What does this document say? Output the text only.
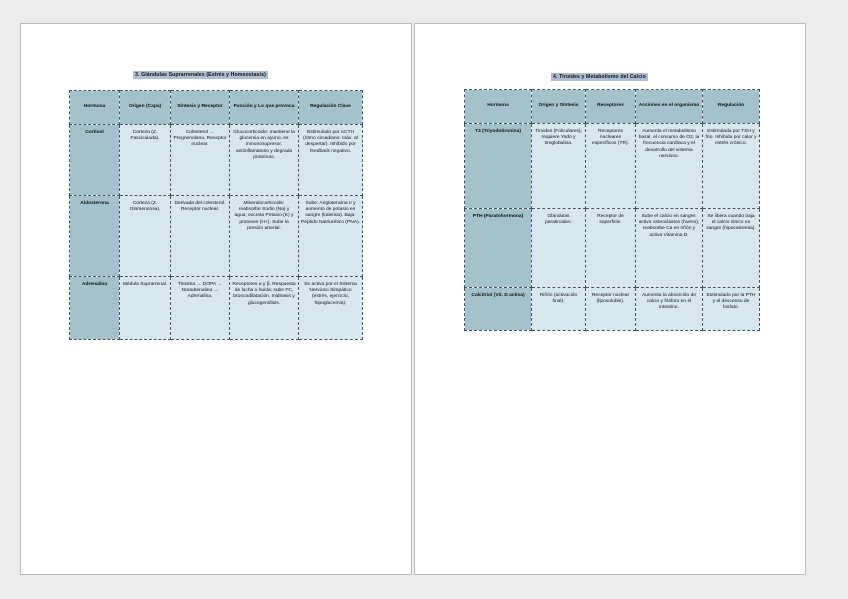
3. Glándulas Suprarrenales (Estrés y Homeostasis)
Hormona	Origen (Capa)	Síntesis y Receptor	Función y Lo que provoca	Regulación Clave
Cortisol	Corteza (Z. Fasciculada).	Colesterol → Pregnenolona. Receptor nuclear.	Glucocorticoide: mantiene la glucemia en ayuno, es inmunosupresor, antiinflamatorio y degrada proteínas.	Estimulado por ACTH (ritmo circadiano: máx. al despertar). Inhibido por feedback negativo.
Aldosterona	Corteza (Z. Glomerulosa).	Derivada del colesterol. Receptor nuclear.	Mineralocorticoide: reabsorbe Sodio (Na) y agua; excreta Potasio (K) y protones (H+). Sube la presión arterial.	Sube: Angiotensina II y aumento de potasio en sangre (kalemia). Baja: Péptido Natriurético (PNA).
Adrenalina	Médula Suprarrenal.	Tirosina → DOPA → Noradrenalina → Adrenalina.	Receptores α y β. Respuesta de lucha o huida: sube FC, broncodilatación, midriasis y glucogenólisis.	Se activa por el Sistema Nervioso Simpático (estrés, ejercicio, hipoglucemia).
4. Tiroides y Metabolismo del Calcio
Hormona	Origen y Síntesis	Receptores	Acciones en el organismo	Regulación
T3 (Triyodotironina)	Tiroides (Foliculares); requiere Yodo y tiroglobulina.	Receptores nucleares específicos (TR).	Aumenta el metabolismo basal, el consumo de O2, la frecuencia cardíaca y el desarrollo del sistema nervioso.	Estimulada por TSH y frío. Inhibida por calor y estrés crónico.
PTH (Paratohormona)	Glándulas paratiroides.	Receptor de superficie.	Sube el calcio en sangre: activa osteoclastos (hueso), reabsorbe Ca en riñón y activa Vitamina D.	Se libera cuando baja el calcio iónico en sangre (hipocalcemia).
Calcitriol (Vit. D activa)	Riñón (activación final).	Receptor nuclear (liposoluble).	Aumenta la absorción de calcio y fósforo en el intestino.	Estimulado por la PTH y el descenso de fosfato.
